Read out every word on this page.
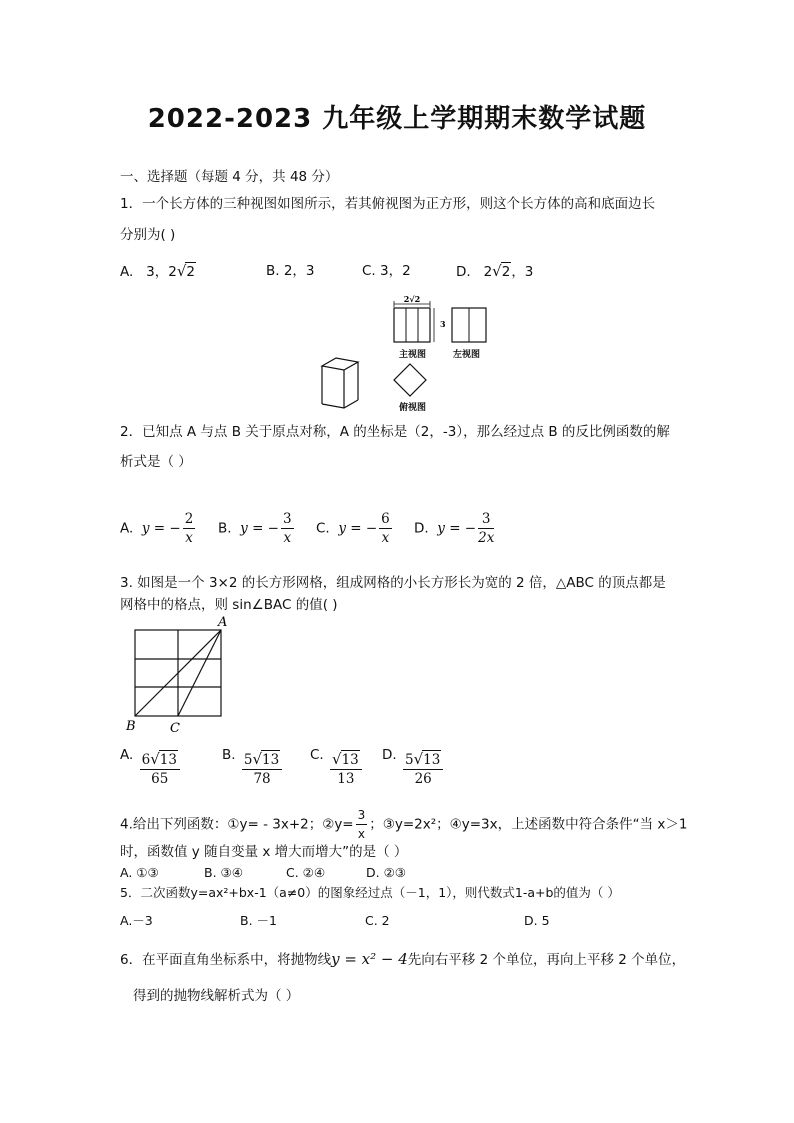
2022-2023 九年级上学期期末数学试题
一、选择题（每题 4 分，共 48 分）
1．一个长方体的三种视图如图所示，若其俯视图为正方形，则这个长方体的高和底面边长
分别为( )
A. 3，2√2	B. 2，3	C. 3，2	D. 2√2，3
2√2
3
主视图	左视图
俯视图
2．已知点 A 与点 B 关于原点对称，A 的坐标是（2，-3），那么经过点 B 的反比例函数的解
析式是（ ）
A. y = − $\frac{2}{x} B$. y = − $\frac{3}{x} C$. y = − $\frac{6}{x} D$. y = − $\frac{3}{2x}$
3. 如图是一个 3×2 的长方形网格，组成网格的小长方形长为宽的 2 倍，△ABC 的顶点都是
网格中的格点，则 sin∠BAC 的值( )
A
B	C
A. $\frac{6√13}{65}$	B. $\frac{5√13}{78} C$. $\frac{√13}{13} D$. $\frac{5√13}{26}$
4.给出下列函数：①y= - 3x+2；②y= $\frac{3}{x}$ ；③y=2x²；④y=3x，上述函数中符合条件“当 x＞1
时，函数值 y 随自变量 x 增大而增大”的是（ ）
A. ①③	B. ③④	C. ②④	D. ②③
5．二次函数y=ax²+bx-1（a≠0）的图象经过点（－1，1），则代数式1-a+b的值为（ ）
A.－3	B. －1	C. 2	D. 5
6．在平面直角坐标系中，将抛物线y = x² − 4先向右平移 2 个单位，再向上平移 2 个单位，
得到的抛物线解析式为（ ）
